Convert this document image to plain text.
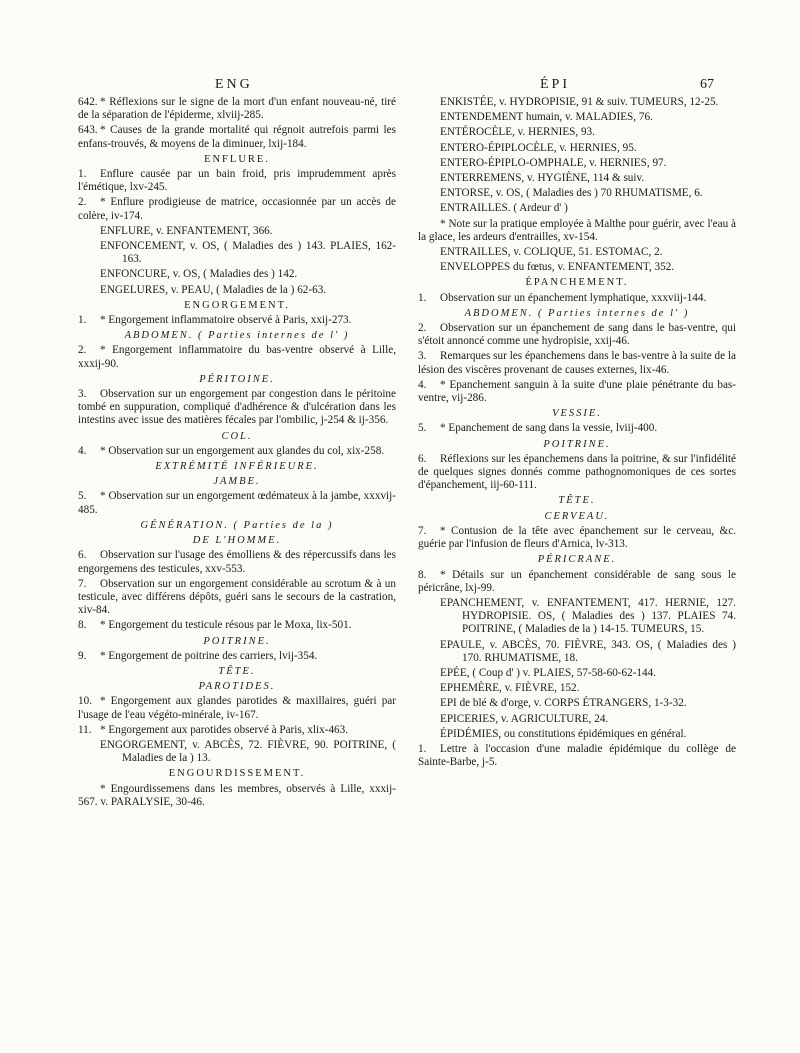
ENG	ÉPI	67
642. * Réflexions sur le signe de la mort d'un enfant nouveau-né, tiré de la séparation de l'épiderme, xlviij-285.
643. * Causes de la grande mortalité qui régnoit autrefois parmi les enfans-trouvés, & moyens de la diminuer, lxij-184.
ENFLURE.
1. Enflure causée par un bain froid, pris imprudemment après l'émétique, lxv-245.
2. * Enflure prodigieuse de matrice, occasionnée par un accès de colère, iv-174.
ENFLURE, v. ENFANTEMENT, 366.
ENFONCEMENT, v. OS, ( Maladies des ) 143. PLAIES, 162-163.
ENFONCURE, v. OS, ( Maladies des ) 142.
ENGELURES, v. PEAU, ( Maladies de la ) 62-63.
ENGORGEMENT.
1. * Engorgement inflammatoire observé à Paris, xxij-273.
ABDOMEN. ( Parties internes de l' )
2. * Engorgement inflammatoire du bas-ventre observé à Lille, xxxij-90.
PÉRITOINE.
3. Observation sur un engorgement par congestion dans le péritoine tombé en suppuration, compliqué d'adhérence & d'ulcération dans les intestins avec issue des matières fécales par l'ombilic, j-254 & ij-356.
COL.
4. * Observation sur un engorgement aux glandes du col, xix-258.
EXTRÉMITÉ INFÉRIEURE.
JAMBE.
5. * Observation sur un engorgement œdémateux à la jambe, xxxvij-485.
GÉNÉRATION. ( Parties de la )
DE L'HOMME.
6. Observation sur l'usage des émolliens & des répercussifs dans les engorgemens des testicules, xxv-553.
7. Observation sur un engorgement considérable au scrotum & à un testicule, avec différens dépôts, guéri sans le secours de la castration, xiv-84.
8. * Engorgement du testicule résous par le Moxa, lix-501.
POITRINE.
9. * Engorgement de poitrine des carriers, lvij-354.
TÊTE.
PAROTIDES.
10. * Engorgement aux glandes parotides & maxillaires, guéri par l'usage de l'eau végéto-minérale, iv-167.
11. * Engorgement aux parotides observé à Paris, xlix-463.
ENGORGEMENT, v. ABCÈS, 72. FIÈVRE, 90. POITRINE, ( Maladies de la ) 13.
ENGOURDISSEMENT.
* Engourdissemens dans les membres, observés à Lille, xxxij-567. v. PARALYSIE, 30-46.
ENKISTÉE, v. HYDROPISIE, 91 & suiv. TUMEURS, 12-25.
ENTENDEMENT humain, v. MALADIES, 76.
ENTÉROCÈLE, v. HERNIES, 93.
ENTERO-ÉPIPLOCÈLE, v. HERNIES, 95.
ENTERO-ÉPIPLO-OMPHALE, v. HERNIES, 97.
ENTERREMENS, v. HYGIÈNE, 114 & suiv.
ENTORSE, v. OS, ( Maladies des ) 70 RHUMATISME, 6.
ENTRAILLES. ( Ardeur d' )
* Note sur la pratique employée à Malthe pour guérir, avec l'eau à la glace, les ardeurs d'entrailles, xv-154.
ENTRAILLES, v. COLIQUE, 51. ESTOMAC, 2.
ENVELOPPES du fœtus, v. ENFANTEMENT, 352.
ÉPANCHEMENT.
1. Observation sur un épanchement lymphatique, xxxviij-144.
ABDOMEN. ( Parties internes de l' )
2. Observation sur un épanchement de sang dans le bas-ventre, qui s'étoit annoncé comme une hydropisie, xxij-46.
3. Remarques sur les épanchemens dans le bas-ventre à la suite de la lésion des viscères provenant de causes externes, lix-46.
4. * Epanchement sanguin à la suite d'une plaie pénétrante du bas-ventre, vij-286.
VESSIE.
5. * Epanchement de sang dans la vessie, lviij-400.
POITRINE.
6. Réflexions sur les épanchemens dans la poitrine, & sur l'infidélité de quelques signes donnés comme pathognomoniques de ces sortes d'épanchement, iij-60-111.
TÊTE.
CERVEAU.
7. * Contusion de la tête avec épanchement sur le cerveau, &c. guérie par l'infusion de fleurs d'Arnica, lv-313.
PÉRICRANE.
8. * Détails sur un épanchement considérable de sang sous le péricrâne, lxj-99.
EPANCHEMENT, v. ENFANTEMENT, 417. HERNIE, 127. HYDROPISIE. OS, ( Maladies des ) 137. PLAIES 74. POITRINE, ( Maladies de la ) 14-15. TUMEURS, 15.
EPAULE, v. ABCÈS, 70. FIÈVRE, 343. OS, ( Maladies des ) 170. RHUMATISME, 18.
EPÉE, ( Coup d' ) v. PLAIES, 57-58-60-62-144.
EPHEMÈRE, v. FIÈVRE, 152.
EPI de blé & d'orge, v. CORPS ÉTRANGERS, 1-3-32.
EPICERIES, v. AGRICULTURE, 24.
ÉPIDÉMIES, ou constitutions épidémiques en général.
1. Lettre à l'occasion d'une maladie épidémique du collège de Sainte-Barbe, j-5.
